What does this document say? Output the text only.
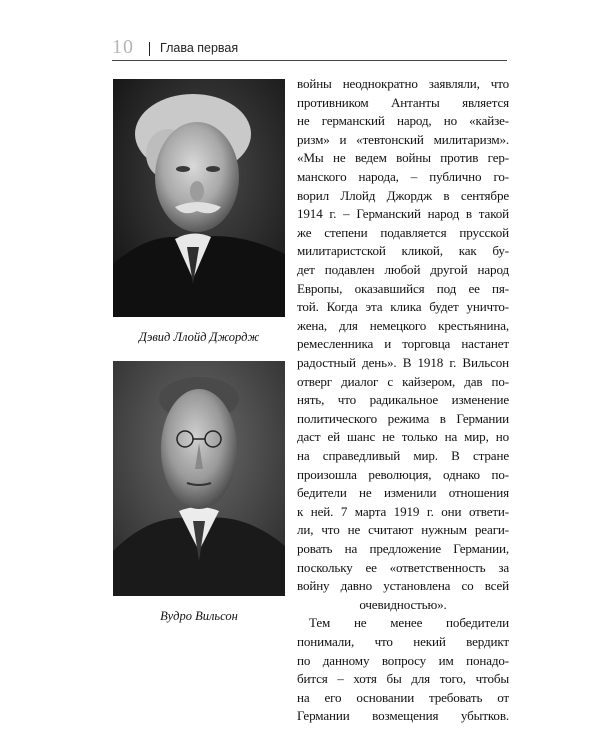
10 Глава первая
Дэвид Ллойд Джордж
Вудро Вильсон
войны неоднократно заявляли, что
противником Антанты является
не германский народ, но «кайзе-
ризм» и «тевтонский милитаризм».
«Мы не ведем войны против гер-
манского народа, – публично го-
ворил Ллойд Джордж в сентябре
1914 г. – Германский народ в такой
же степени подавляется прусской
милитаристской кликой, как бу-
дет подавлен любой другой народ
Европы, оказавшийся под ее пя-
той. Когда эта клика будет уничто-
жена, для немецкого крестьянина,
ремесленника и торговца настанет
радостный день». В 1918 г. Вильсон
отверг диалог с кайзером, дав по-
нять, что радикальное изменение
политического режима в Германии
даст ей шанс не только на мир, но
на справедливый мир. В стране
произошла революция, однако по-
бедители не изменили отношения
к ней. 7 марта 1919 г. они ответи-
ли, что не считают нужным реаги-
ровать на предложение Германии,
поскольку ее «ответственность за
войну давно установлена со всей
очевидностью».
Тем не менее победители
понимали, что некий вердикт
по данному вопросу им понадо-
бится – хотя бы для того, чтобы
на его основании требовать от
Германии возмещения убытков.
